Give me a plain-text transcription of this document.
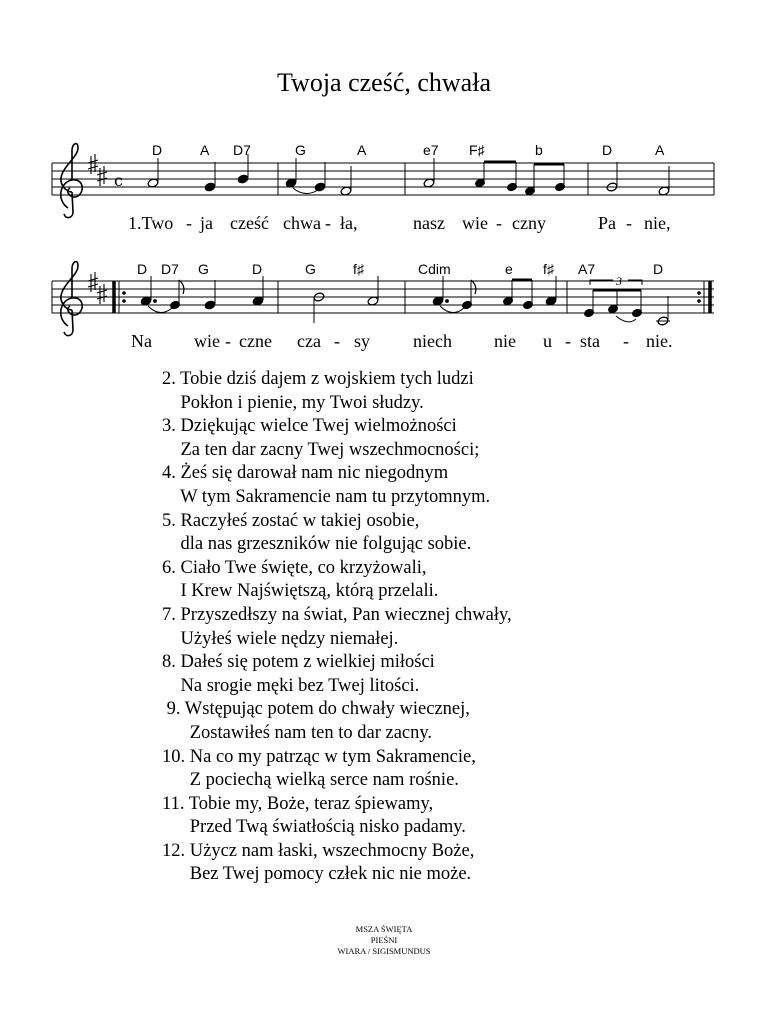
Twoja cześć, chwała
c
D	A D7	G	A	e7 F♯	b	D	A
1.Two - ja cześć chwa - ła,	nasz wie - czny	Pa - nie,
3
D D7 G	D	G	f♯	Cdim	e f♯ A7	D
Na wie - czne cza - sy niech nie u - sta - nie.
2. Tobie dziś dajem z wojskiem tych ludzi
Pokłon i pienie, my Twoi słudzy.
3. Dziękując wielce Twej wielmożności
Za ten dar zacny Twej wszechmocności;
4. Żeś się darował nam nic niegodnym
W tym Sakramencie nam tu przytomnym.
5. Raczyłeś zostać w takiej osobie,
dla nas grzeszników nie folgując sobie.
6. Ciało Twe święte, co krzyżowali,
I Krew Najświętszą, którą przelali.
7. Przyszedłszy na świat, Pan wiecznej chwały,
Użyłeś wiele nędzy niemałej.
8. Dałeś się potem z wielkiej miłości
Na srogie męki bez Twej litości.
9. Wstępując potem do chwały wiecznej,
Zostawiłeś nam ten to dar zacny.
10. Na co my patrząc w tym Sakramencie,
Z pociechą wielką serce nam rośnie.
11. Tobie my, Boże, teraz śpiewamy,
Przed Twą światłością nisko padamy.
12. Użycz nam łaski, wszechmocny Boże,
Bez Twej pomocy człek nic nie może.
MSZA ŚWIĘTA
PIEŚNI
WIARA / SIGISMUNDUS
